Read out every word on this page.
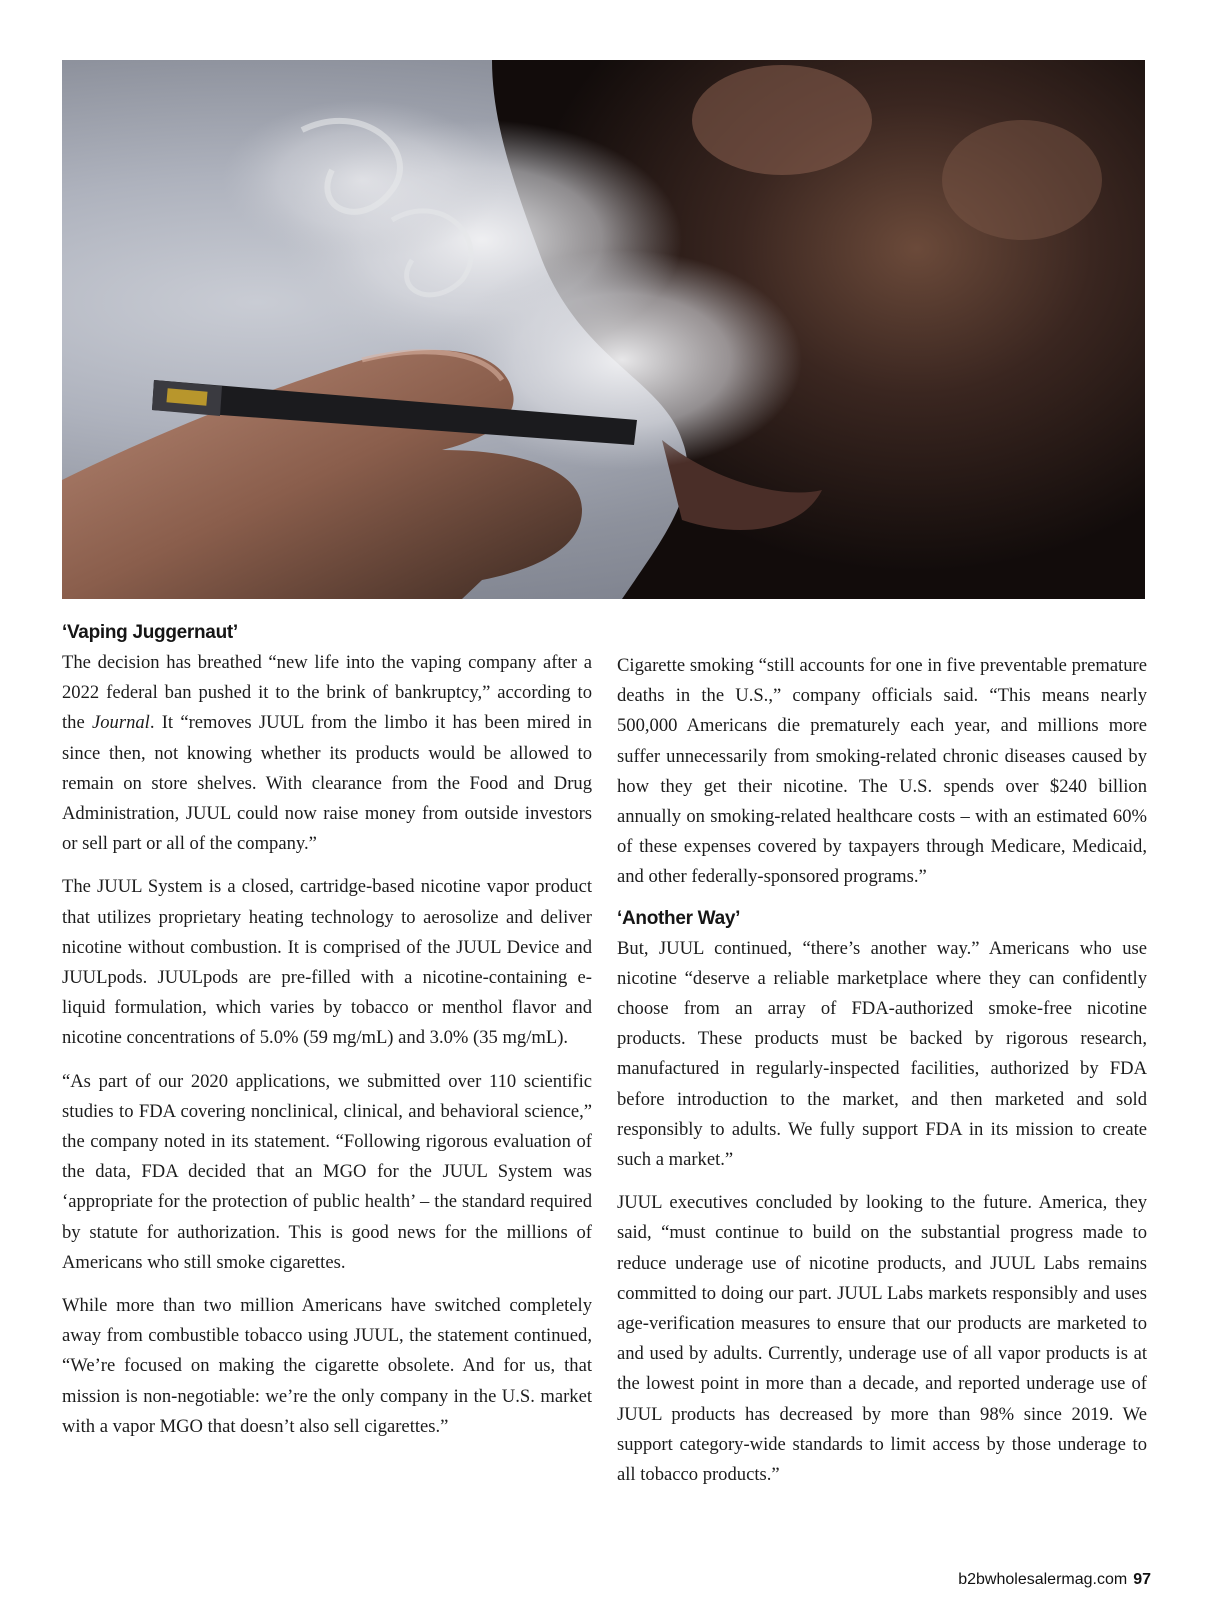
‘Vaping Juggernaut’

The decision has breathed “new life into the vaping company after a 2022 federal ban pushed it to the brink of bankruptcy,” according to the Journal. It “removes JUUL from the limbo it has been mired in since then, not knowing whether its products would be allowed to remain on store shelves. With clearance from the Food and Drug Administration, JUUL could now raise money from outside investors or sell part or all of the company.”

The JUUL System is a closed, cartridge-based nicotine vapor product that utilizes proprietary heating technology to aerosolize and deliver nicotine without combustion. It is comprised of the JUUL Device and JUULpods. JUULpods are pre-filled with a nicotine-containing e-liquid formulation, which varies by tobacco or menthol flavor and nicotine concentrations of 5.0% (59 mg/mL) and 3.0% (35 mg/mL).

“As part of our 2020 applications, we submitted over 110 scientific studies to FDA covering nonclinical, clinical, and behavioral science,” the company noted in its statement. “Following rigorous evaluation of the data, FDA decided that an MGO for the JUUL System was ‘appropriate for the protection of public health’ – the standard required by statute for authorization. This is good news for the millions of Americans who still smoke cigarettes.

While more than two million Americans have switched completely away from combustible tobacco using JUUL, the statement continued, “We’re focused on making the cigarette obsolete. And for us, that mission is non-negotiable: we’re the only company in the U.S. market with a vapor MGO that doesn’t also sell cigarettes.”

Cigarette smoking “still accounts for one in five preventable premature deaths in the U.S.,” company officials said. “This means nearly 500,000 Americans die prematurely each year, and millions more suffer unnecessarily from smoking-related chronic diseases caused by how they get their nicotine. The U.S. spends over $240 billion annually on smoking-related healthcare costs – with an estimated 60% of these expenses covered by taxpayers through Medicare, Medicaid, and other federally-sponsored programs.”

‘Another Way’

But, JUUL continued, “there’s another way.” Americans who use nicotine “deserve a reliable marketplace where they can confidently choose from an array of FDA-authorized smoke-free nicotine products. These products must be backed by rigorous research, manufactured in regularly-inspected facilities, authorized by FDA before introduction to the market, and then marketed and sold responsibly to adults. We fully support FDA in its mission to create such a market.”

JUUL executives concluded by looking to the future. America, they said, “must continue to build on the substantial progress made to reduce underage use of nicotine products, and JUUL Labs remains committed to doing our part. JUUL Labs markets responsibly and uses age-verification measures to ensure that our products are marketed to and used by adults. Currently, underage use of all vapor products is at the lowest point in more than a decade, and reported underage use of JUUL products has decreased by more than 98% since 2019. We support category-wide standards to limit access by those underage to all tobacco products.”

b2bwholesalermag.com 97
